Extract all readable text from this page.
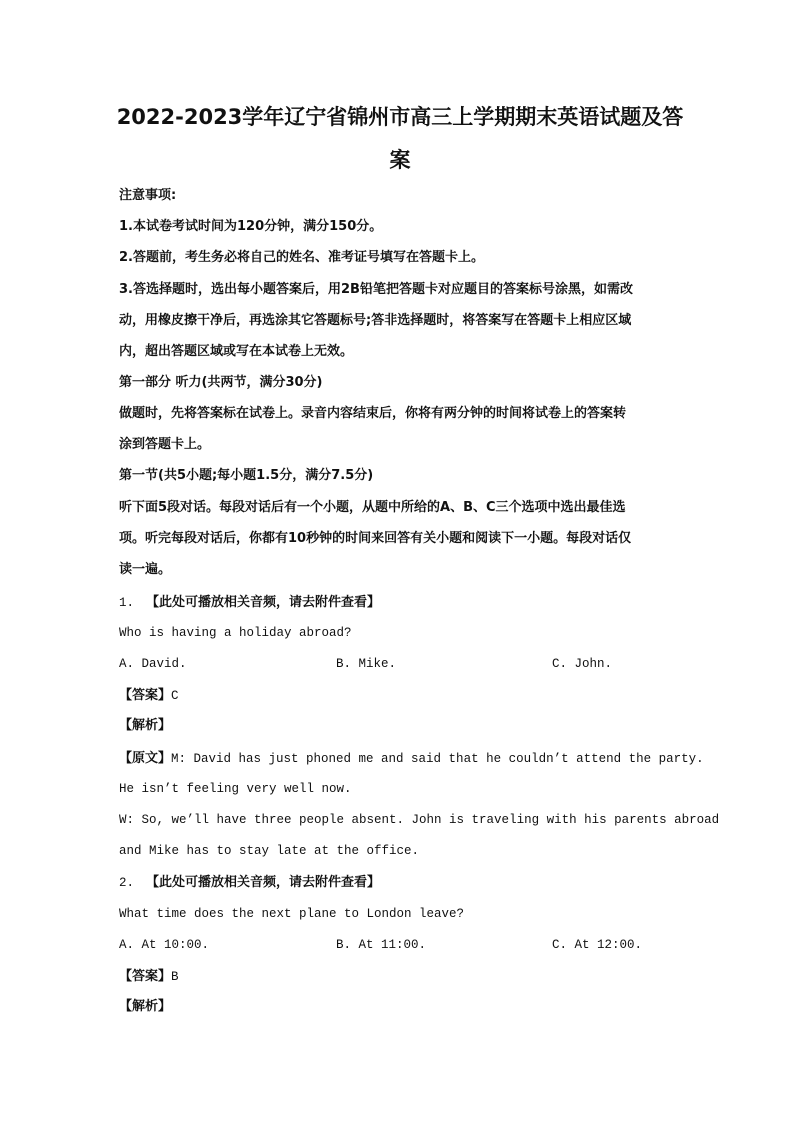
2022-2023学年辽宁省锦州市高三上学期期末英语试题及答
案
注意事项:
1.本试卷考试时间为120分钟，满分150分。
2.答题前，考生务必将自己的姓名、准考证号填写在答题卡上。
3.答选择题时，选出每小题答案后，用2B铅笔把答题卡对应题目的答案标号涂黑，如需改
动，用橡皮擦干净后，再选涂其它答题标号;答非选择题时，将答案写在答题卡上相应区域
内，超出答题区域或写在本试卷上无效。
第一部分 听力(共两节，满分30分)
做题时，先将答案标在试卷上。录音内容结束后，你将有两分钟的时间将试卷上的答案转
涂到答题卡上。
第一节(共5小题;每小题1.5分，满分7.5分)
听下面5段对话。每段对话后有一个小题，从题中所给的A、B、C三个选项中选出最佳选
项。听完每段对话后，你都有10秒钟的时间来回答有关小题和阅读下一小题。每段对话仅
读一遍。
1. 【此处可播放相关音频，请去附件查看】
Who is having a holiday abroad?
A. David.	B. Mike.	C. John.
【答案】C
【解析】
【原文】M: David has just phoned me and said that he couldn’t attend the party.
He isn’t feeling very well now.
W: So, we’ll have three people absent. John is traveling with his parents abroad
and Mike has to stay late at the office.
2. 【此处可播放相关音频，请去附件查看】
What time does the next plane to London leave?
A. At 10:00.	B. At 11:00.	C. At 12:00.
【答案】B
【解析】
